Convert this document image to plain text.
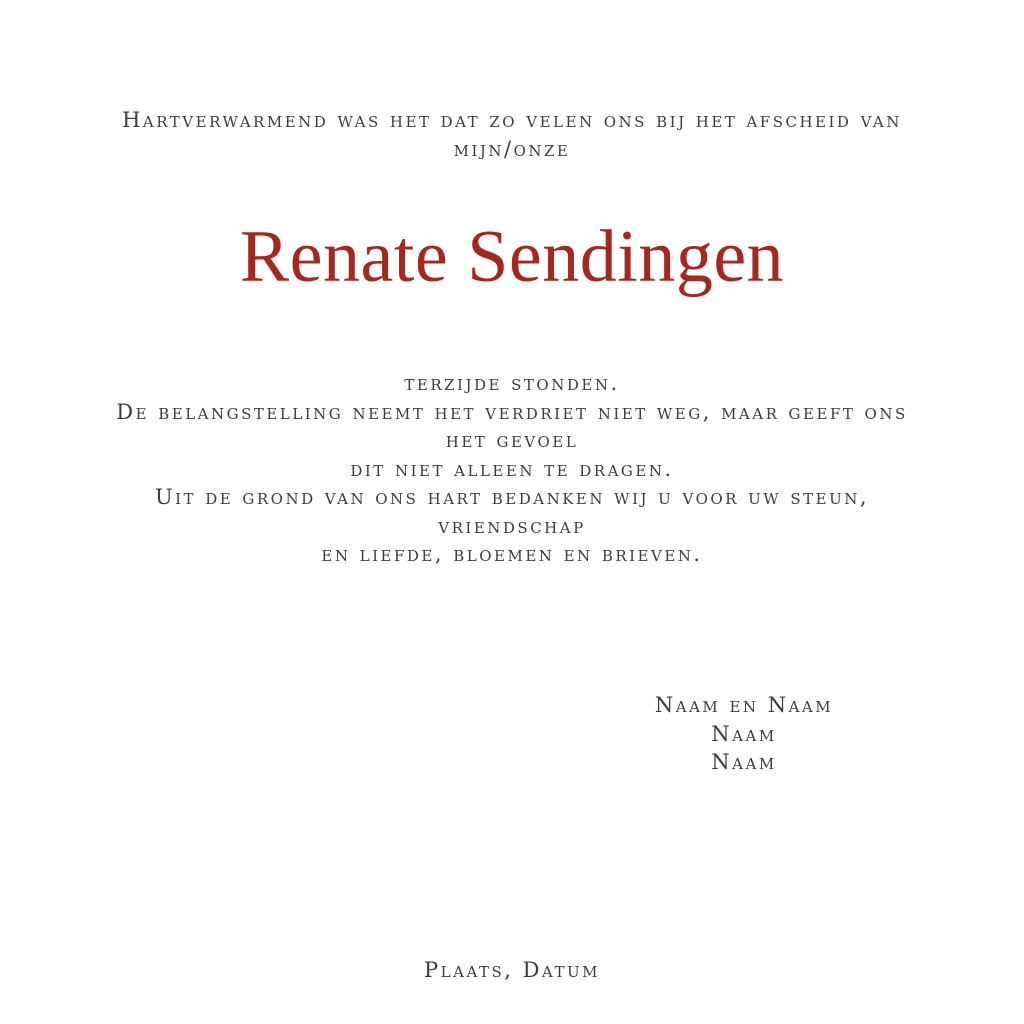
Hartverwarmend was het dat zo velen ons bij het afscheid van
mijn/onze
Renate Sendingen
terzijde stonden.
De belangstelling neemt het verdriet niet weg, maar geeft ons
het gevoel
dit niet alleen te dragen.
Uit de grond van ons hart bedanken wij u voor uw steun,
vriendschap
en liefde, bloemen en brieven.
Naam en Naam
Naam
Naam
Plaats, Datum
